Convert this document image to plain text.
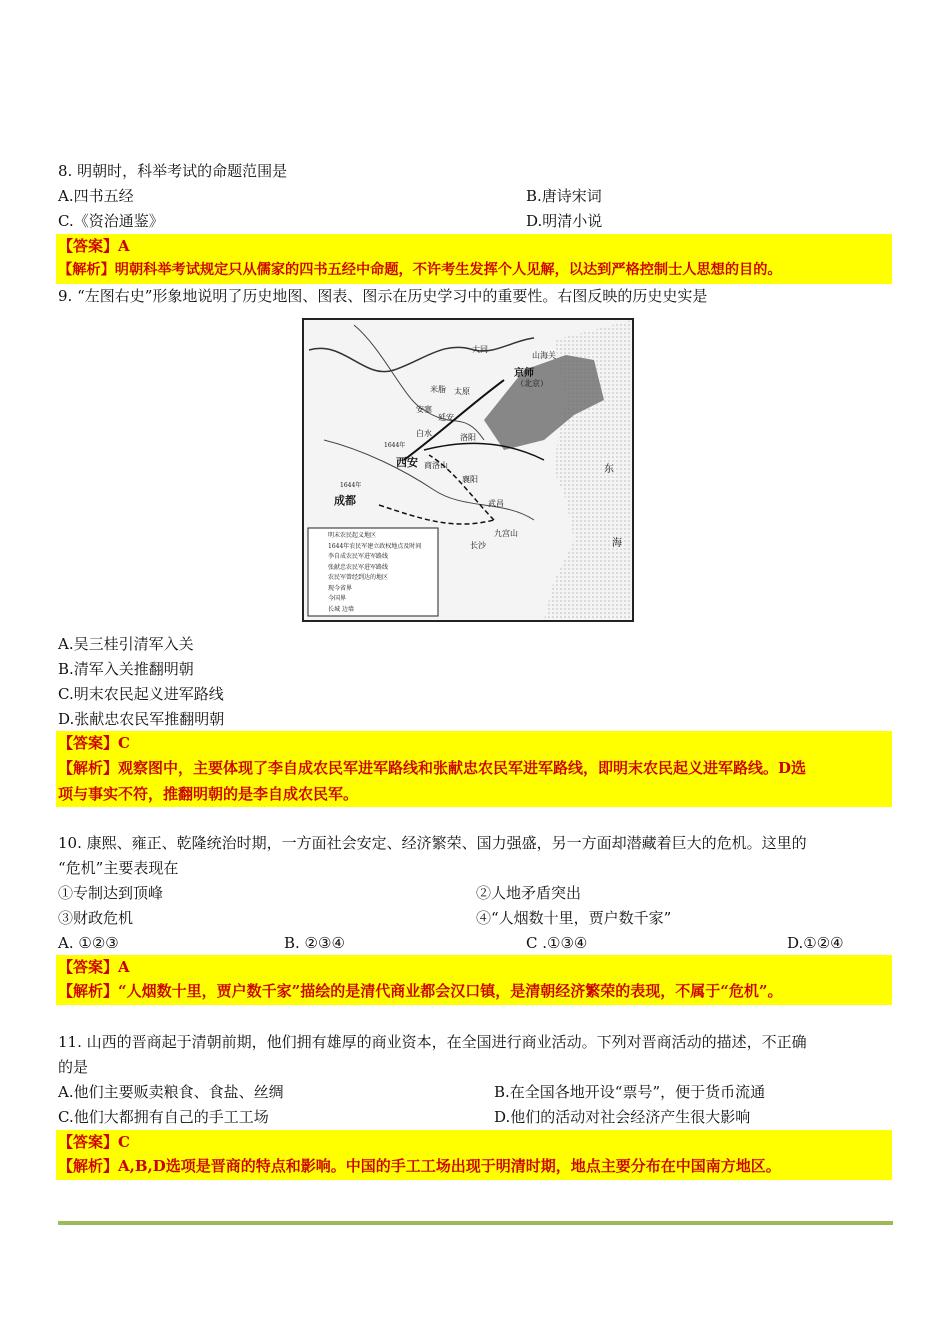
8. 明朝时，科举考试的命题范围是
A.四书五经	B.唐诗宋词
C.《资治通鉴》	D.明清小说
【答案】A
【解析】明朝科举考试规定只从儒家的四书五经中命题，不许考生发挥个人见解，以达到严格控制士人思想的目的。
9. “左图右史”形象地说明了历史地图、图表、图示在历史学习中的重要性。右图反映的历史史实是
大同
山海关
京师
（北京）
太原
米脂
安塞
延安
白水
西安
洛阳
1644年
商洛山
襄阳
1644年
成都	武昌
长沙
九宫山
东
海
明末农民起义地区
1644年农民军建立政权地点及时间
李自成农民军进军路线
张献忠农民军进军路线
农民军曾经到达的地区
现今省界
今国界
长城 边墙
A.吴三桂引清军入关
B.清军入关推翻明朝
C.明末农民起义进军路线
D.张献忠农民军推翻明朝
【答案】C
【解析】观察图中，主要体现了李自成农民军进军路线和张献忠农民军进军路线，即明末农民起义进军路线。D选
项与事实不符，推翻明朝的是李自成农民军。
10. 康熙、雍正、乾隆统治时期，一方面社会安定、经济繁荣、国力强盛，另一方面却潜藏着巨大的危机。这里的
“危机”主要表现在
①专制达到顶峰	②人地矛盾突出
③财政危机	④“人烟数十里，贾户数千家”
A. ①②③	B. ②③④	C .①③④	D.①②④
【答案】A
【解析】“人烟数十里，贾户数千家”描绘的是清代商业都会汉口镇，是清朝经济繁荣的表现，不属于“危机”。
11. 山西的晋商起于清朝前期，他们拥有雄厚的商业资本，在全国进行商业活动。下列对晋商活动的描述，不正确
的是
A.他们主要贩卖粮食、食盐、丝绸	B.在全国各地开设“票号”，便于货币流通
C.他们大都拥有自己的手工工场	D.他们的活动对社会经济产生很大影响
【答案】C
【解析】A,B,D选项是晋商的特点和影响。中国的手工工场出现于明清时期，地点主要分布在中国南方地区。
